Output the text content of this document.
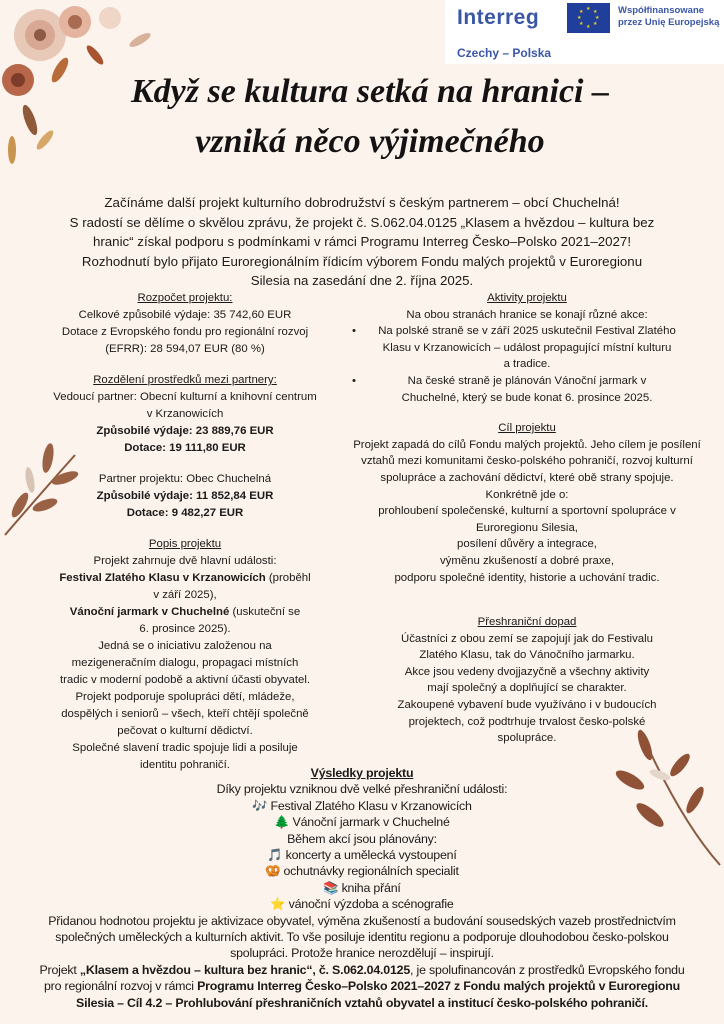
Interreg	★ ★
★
★
★
★
★
★	Współfinansowane
przez Unię Europejską
Czechy – Polska
Když se kultura setká na hranici –
vzniká něco výjimečného
Začínáme další projekt kulturního dobrodružství s českým partnerem – obcí Chuchelná!
S radostí se dělíme o skvělou zprávu, že projekt č. S.062.04.0125 „Klasem a hvězdou – kultura bez
hranic“ získal podporu s podmínkami v rámci Programu Interreg Česko–Polsko 2021–2027!
Rozhodnutí bylo přijato Euroregionálním řídicím výborem Fondu malých projektů v Euroregionu
Silesia na zasedání dne 2. října 2025.
Rozpočet projektu:
Celkové způsobilé výdaje: 35 742,60 EUR
Dotace z Evropského fondu pro regionální rozvoj
(EFRR): 28 594,07 EUR (80 %)
Rozdělení prostředků mezi partnery:
Vedoucí partner: Obecní kulturní a knihovní centrum
v Krzanowicích
Způsobilé výdaje: 23 889,76 EUR
Dotace: 19 111,80 EUR
Partner projektu: Obec Chuchelná
Způsobilé výdaje: 11 852,84 EUR
Dotace: 9 482,27 EUR
Popis projektu
Projekt zahrnuje dvě hlavní události:
Festival Zlatého Klasu v Krzanowicích (proběhl
v září 2025),
Vánoční jarmark v Chuchelné (uskuteční se
6. prosince 2025).
Jedná se o iniciativu založenou na
mezigeneračním dialogu, propagaci místních
tradic v moderní podobě a aktivní účasti obyvatel.
Projekt podporuje spolupráci dětí, mládeže,
dospělých i seniorů – všech, kteří chtějí společně
pečovat o kulturní dědictví.
Společné slavení tradic spojuje lidi a posiluje
identitu pohraničí.
Aktivity projektu
Na obou stranách hranice se konají různé akce:
• Na polské straně se v září 2025 uskutečnil Festival Zlatého
Klasu v Krzanowicích – událost propagující místní kulturu
a tradice.
• Na české straně je plánován Vánoční jarmark v
Chuchelné, který se bude konat 6. prosince 2025.
Cíl projektu
Projekt zapadá do cílů Fondu malých projektů. Jeho cílem je posílení
vztahů mezi komunitami česko-polského pohraničí, rozvoj kulturní
spolupráce a zachování dědictví, které obě strany spojuje.
Konkrétně jde o:
prohloubení společenské, kulturní a sportovní spolupráce v
Euroregionu Silesia,
posílení důvěry a integrace,
výměnu zkušeností a dobré praxe,
podporu společné identity, historie a uchování tradic.
Přeshraniční dopad
Účastníci z obou zemí se zapojují jak do Festivalu
Zlatého Klasu, tak do Vánočního jarmarku.
Akce jsou vedeny dvojjazyčně a všechny aktivity
mají společný a doplňující se charakter.
Zakoupené vybavení bude využíváno i v budoucích
projektech, což podtrhuje trvalost česko-polské
spolupráce.
Výsledky projektu
Díky projektu vzniknou dvě velké přeshraniční události:
🎶 Festival Zlatého Klasu v Krzanowicích
🌲 Vánoční jarmark v Chuchelné
Během akcí jsou plánovány:
🎵 koncerty a umělecká vystoupení
🥨 ochutnávky regionálních specialit
📚 kniha přání
⭐ vánoční výzdoba a scénografie
Přidanou hodnotou projektu je aktivizace obyvatel, výměna zkušeností a budování sousedských vazeb prostřednictvím
společných uměleckých a kulturních aktivit. To vše posiluje identitu regionu a podporuje dlouhodobou česko-polskou
spolupráci. Protože hranice nerozdělují – inspirují.
Projekt „Klasem a hvězdou – kultura bez hranic“, č. S.062.04.0125, je spolufinancován z prostředků Evropského fondu
pro regionální rozvoj v rámci Programu Interreg Česko–Polsko 2021–2027 z Fondu malých projektů v Euroregionu
Silesia – Cíl 4.2 – Prohlubování přeshraničních vztahů obyvatel a institucí česko-polského pohraničí.
